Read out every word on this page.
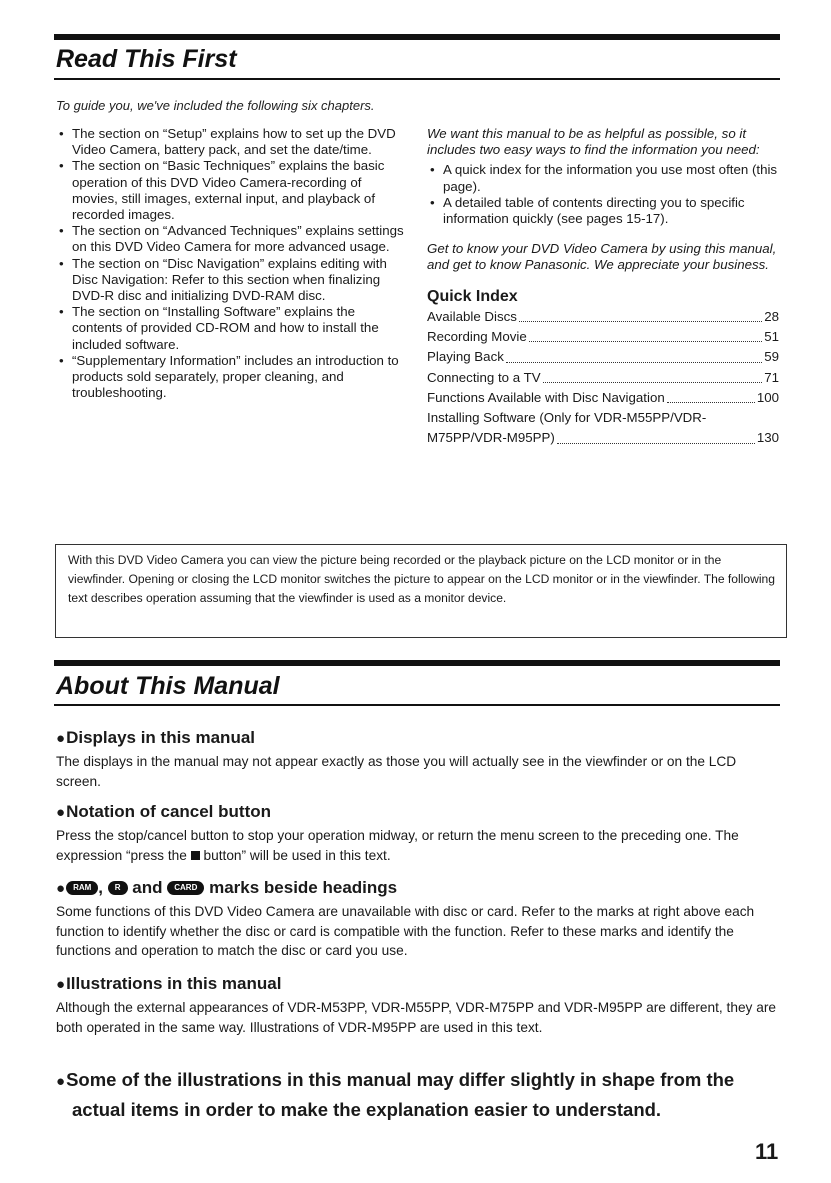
Read This First
To guide you, we've included the following six chapters.
• The section on “Setup” explains how to set up the DVD Video Camera, battery pack, and set the date/time.
• The section on “Basic Techniques” explains the basic operation of this DVD Video Camera-recording of movies, still images, external input, and playback of recorded images.
• The section on “Advanced Techniques” explains settings on this DVD Video Camera for more advanced usage.
• The section on “Disc Navigation” explains editing with Disc Navigation: Refer to this section when finalizing DVD-R disc and initializing DVD-RAM disc.
• The section on “Installing Software” explains the contents of provided CD-ROM and how to install the included software.
• “Supplementary Information” includes an introduction to products sold separately, proper cleaning, and troubleshooting.

We want this manual to be as helpful as possible, so it includes two easy ways to find the information you need:

• A quick index for the information you use most often (this page).
• A detailed table of contents directing you to specific information quickly (see pages 15-17).

Get to know your DVD Video Camera by using this manual, and get to know Panasonic. We appreciate your business.

Quick Index
Available Discs	28
Recording Movie	51
Playing Back	59
Connecting to a TV	71
Functions Available with Disc Navigation	100
Installing Software (Only for VDR-M55PP/VDR-
M75PP/VDR-M95PP)	130
With this DVD Video Camera you can view the picture being recorded or the playback picture on the LCD monitor or in the viewfinder. Opening or closing the LCD monitor switches the picture to appear on the LCD monitor or in the viewfinder. The following text describes operation assuming that the viewfinder is used as a monitor device.
About This Manual
●Displays in this manual
The displays in the manual may not appear exactly as those you will actually see in the viewfinder or on the LCD screen.
●Notation of cancel button
Press the stop/cancel button to stop your operation midway, or return the menu screen to the preceding one. The expression “press the button” will be used in this text.
● RAM , R and CARD marks beside headings
Some functions of this DVD Video Camera are unavailable with disc or card. Refer to the marks at right above each function to identify whether the disc or card is compatible with the function. Refer to these marks and identify the functions and operation to match the disc or card you use.
●Illustrations in this manual
Although the external appearances of VDR-M53PP, VDR-M55PP, VDR-M75PP and VDR-M95PP are different, they are both operated in the same way. Illustrations of VDR-M95PP are used in this text.
●Some of the illustrations in this manual may differ slightly in shape from the
actual items in order to make the explanation easier to understand.
11
